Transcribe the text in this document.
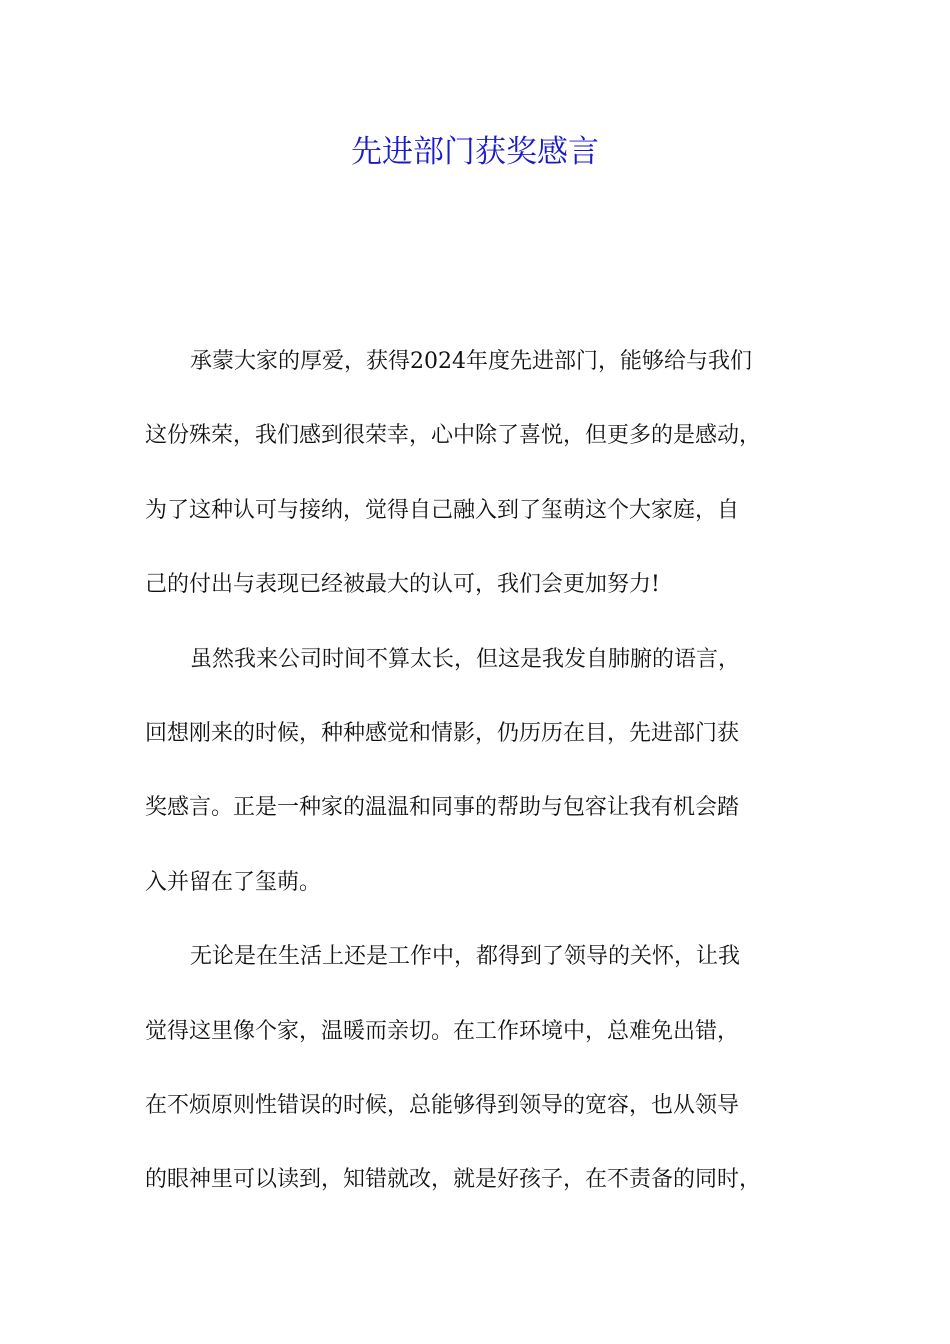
先进部门获奖感言
承蒙大家的厚爱，获得2024年度先进部门，能够给与我们
这份殊荣，我们感到很荣幸，心中除了喜悦，但更多的是感动，
为了这种认可与接纳，觉得自己融入到了玺萌这个大家庭，自
己的付出与表现已经被最大的认可，我们会更加努力!
虽然我来公司时间不算太长，但这是我发自肺腑的语言，
回想刚来的时候，种种感觉和情影，仍历历在目，先进部门获
奖感言。正是一种家的温温和同事的帮助与包容让我有机会踏
入并留在了玺萌。
无论是在生活上还是工作中，都得到了领导的关怀，让我
觉得这里像个家，温暖而亲切。在工作环境中，总难免出错，
在不烦原则性错误的时候，总能够得到领导的宽容，也从领导
的眼神里可以读到，知错就改，就是好孩子，在不责备的同时，
